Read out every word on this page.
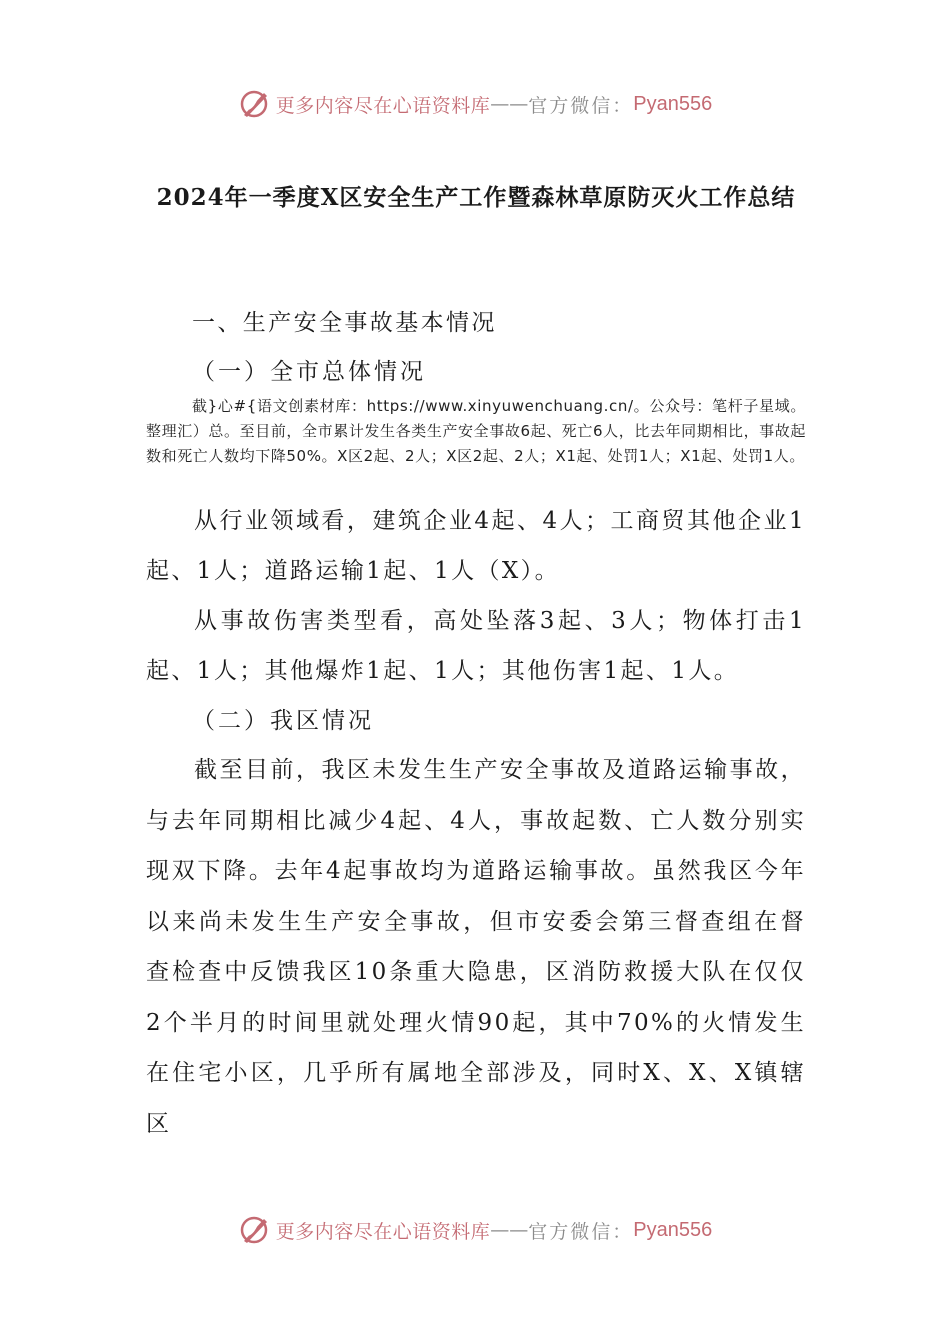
更多内容尽在心语资料库 —— 官方微信： Pyan556
2024年一季度X区安全生产工作暨森林草原防灭火工作总结
一、生产安全事故基本情况
（一）全市总体情况
截}心#{语文创素材库：https://www.xinyuwenchuang.cn/。公众号：笔杆子星域。整理汇）总。至目前，全市累计发生各类生产安全事故6起、死亡6人，比去年同期相比，事故起数和死亡人数均下降50%。X区2起、2人；X区2起、2人；X1起、处罚1人；X1起、处罚1人。
从行业领域看，建筑企业4起、4人；工商贸其他企业1起、1人；道路运输1起、1人（X）。
从事故伤害类型看，高处坠落3起、3人；物体打击1起、1人；其他爆炸1起、1人；其他伤害1起、1人。
（二）我区情况
截至目前，我区未发生生产安全事故及道路运输事故，与去年同期相比减少4起、4人，事故起数、亡人数分别实现双下降。去年4起事故均为道路运输事故。虽然我区今年以来尚未发生生产安全事故，但市安委会第三督查组在督查检查中反馈我区10条重大隐患，区消防救援大队在仅仅2个半月的时间里就处理火情90起，其中70%的火情发生在住宅小区，几乎所有属地全部涉及，同时X、X、X镇辖区
更多内容尽在心语资料库 —— 官方微信： Pyan556
